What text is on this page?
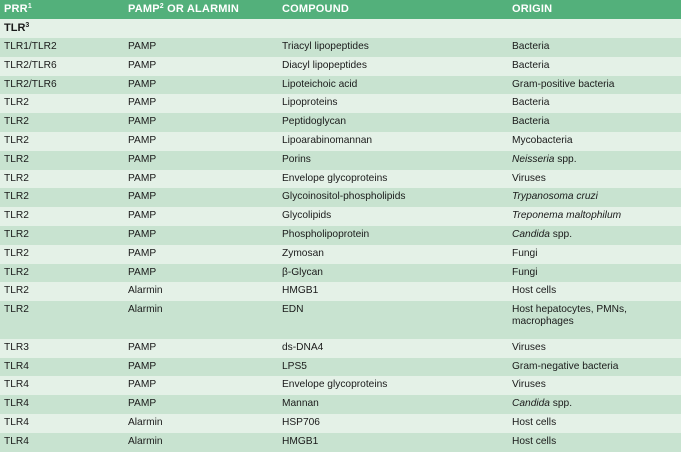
PRR$^1$	PAMP$^2$ OR ALARMIN	COMPOUND	ORIGIN
TLR$^3$
TLR1/TLR2	PAMP	Triacyl lipopeptides	Bacteria
TLR2/TLR6	PAMP	Diacyl lipopeptides	Bacteria
TLR2/TLR6	PAMP	Lipoteichoic acid	Gram-positive bacteria
TLR2	PAMP	Lipoproteins	Bacteria
TLR2	PAMP	Peptidoglycan	Bacteria
TLR2	PAMP	Lipoarabinomannan	Mycobacteria
TLR2	PAMP	Porins	Neisseria spp.
TLR2	PAMP	Envelope glycoproteins	Viruses
TLR2	PAMP	Glycoinositol-phospholipids	Trypanosoma cruzi
TLR2	PAMP	Glycolipids	Treponema maltophilum
TLR2	PAMP	Phospholipoprotein	Candida spp.
TLR2	PAMP	Zymosan	Fungi
TLR2	PAMP	β-Glycan	Fungi
TLR2	Alarmin	HMGB1	Host cells
TLR2	Alarmin	EDN	Host hepatocytes, PMNs, macrophages
TLR3	PAMP	ds-DNA4	Viruses
TLR4	PAMP	LPS5	Gram-negative bacteria
TLR4	PAMP	Envelope glycoproteins	Viruses
TLR4	PAMP	Mannan	Candida spp.
TLR4	Alarmin	HSP706	Host cells
TLR4	Alarmin	HMGB1	Host cells
